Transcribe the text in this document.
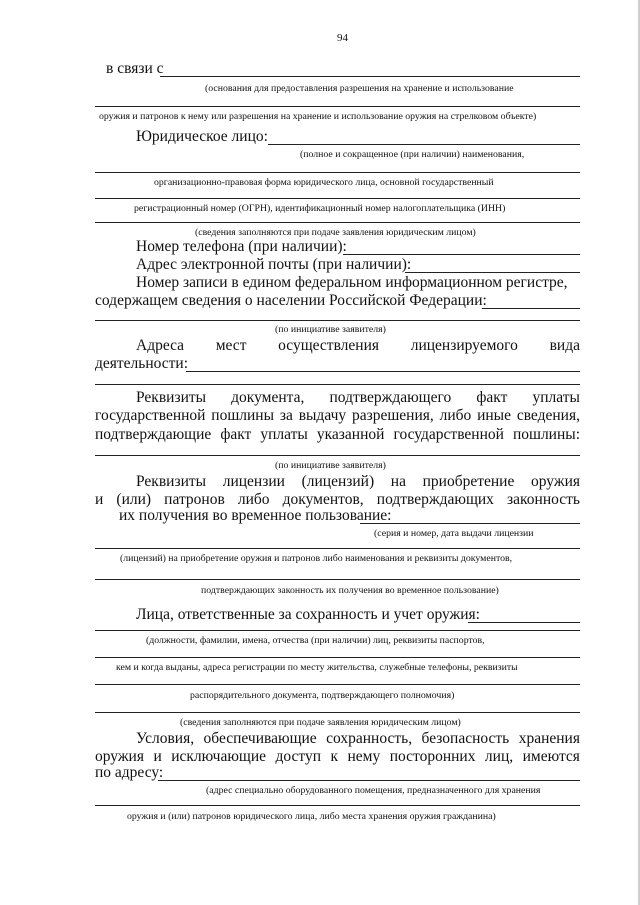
94
в связи с
(основания для предоставления разрешения на хранение и использование
оружия и патронов к нему или разрешения на хранение и использование оружия на стрелковом объекте)
Юридическое лицо:
(полное и сокращенное (при наличии) наименования,
организационно-правовая форма юридического лица, основной государственный
регистрационный номер (ОГРН), идентификационный номер налогоплательщика (ИНН)
(сведения заполняются при подаче заявления юридическим лицом)
Номер телефона (при наличии):
Адрес электронной почты (при наличии):
Номер записи в едином федеральном информационном регистре,
содержащем сведения о населении Российской Федерации:
(по инициативе заявителя)
Адреса мест осуществления лицензируемого вида
деятельности:
Реквизиты документа, подтверждающего факт уплаты
государственной пошлины за выдачу разрешения, либо иные сведения,
подтверждающие факт уплаты указанной государственной пошлины:
(по инициативе заявителя)
Реквизиты лицензии (лицензий) на приобретение оружия
и (или) патронов либо документов, подтверждающих законность
их получения во временное пользование:
(серия и номер, дата выдачи лицензии
(лицензий) на приобретение оружия и патронов либо наименования и реквизиты документов,
подтверждающих законность их получения во временное пользование)
Лица, ответственные за сохранность и учет оружия:
(должности, фамилии, имена, отчества (при наличии) лиц, реквизиты паспортов,
кем и когда выданы, адреса регистрации по месту жительства, служебные телефоны, реквизиты
распорядительного документа, подтверждающего полномочия)
(сведения заполняются при подаче заявления юридическим лицом)
Условия, обеспечивающие сохранность, безопасность хранения
оружия и исключающие доступ к нему посторонних лиц, имеются
по адресу:
(адрес специально оборудованного помещения, предназначенного для хранения
оружия и (или) патронов юридического лица, либо места хранения оружия гражданина)
